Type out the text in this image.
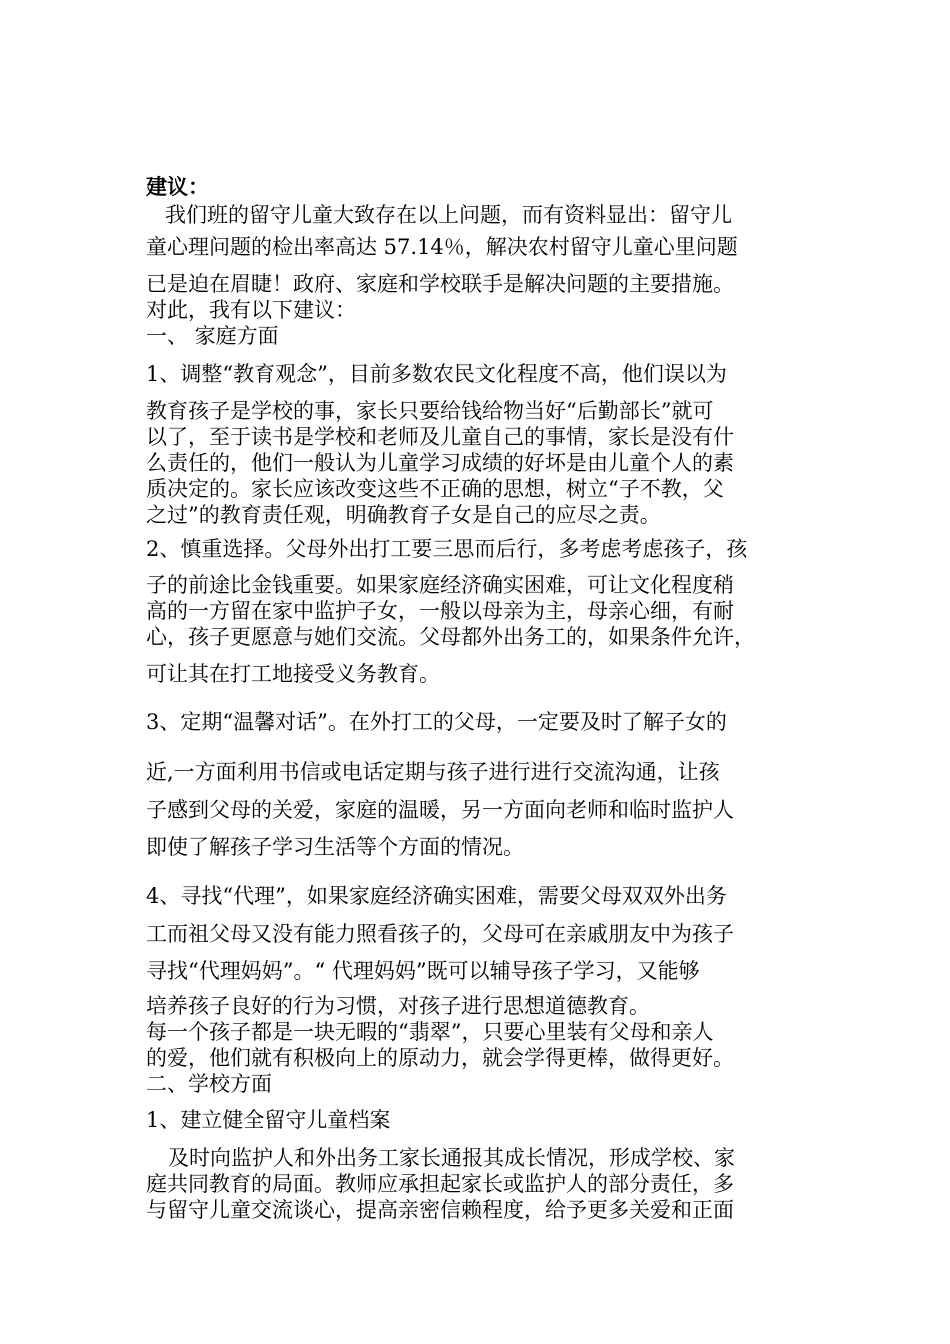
建议：
我们班的留守儿童大致存在以上问题，而有资料显出：留守儿
童心理问题的检出率高达 57.14％，解决农村留守儿童心里问题
已是迫在眉睫！政府、家庭和学校联手是解决问题的主要措施。
对此，我有以下建议：
一、 家庭方面
1、调整“教育观念”，目前多数农民文化程度不高，他们误以为
教育孩子是学校的事，家长只要给钱给物当好“后勤部长”就可
以了，至于读书是学校和老师及儿童自己的事情，家长是没有什
么责任的，他们一般认为儿童学习成绩的好坏是由儿童个人的素
质决定的。家长应该改变这些不正确的思想，树立“子不教，父
之过”的教育责任观，明确教育子女是自己的应尽之责。
2、慎重选择。父母外出打工要三思而后行，多考虑考虑孩子，孩
子的前途比金钱重要。如果家庭经济确实困难，可让文化程度稍
高的一方留在家中监护子女，一般以母亲为主，母亲心细，有耐
心，孩子更愿意与她们交流。父母都外出务工的，如果条件允许，
可让其在打工地接受义务教育。
3、定期“温馨对话”。在外打工的父母，一定要及时了解子女的
近,一方面利用书信或电话定期与孩子进行进行交流沟通，让孩
子感到父母的关爱，家庭的温暖，另一方面向老师和临时监护人
即使了解孩子学习生活等个方面的情况。
4、寻找“代理”，如果家庭经济确实困难，需要父母双双外出务
工而祖父母又没有能力照看孩子的，父母可在亲戚朋友中为孩子
寻找“代理妈妈”。“ 代理妈妈”既可以辅导孩子学习，又能够
培养孩子良好的行为习惯，对孩子进行思想道德教育。
每一个孩子都是一块无暇的“翡翠”，只要心里装有父母和亲人
的爱，他们就有积极向上的原动力，就会学得更棒，做得更好。
二、学校方面
1、建立健全留守儿童档案
及时向监护人和外出务工家长通报其成长情况，形成学校、家
庭共同教育的局面。教师应承担起家长或监护人的部分责任，多
与留守儿童交流谈心，提高亲密信赖程度，给予更多关爱和正面
